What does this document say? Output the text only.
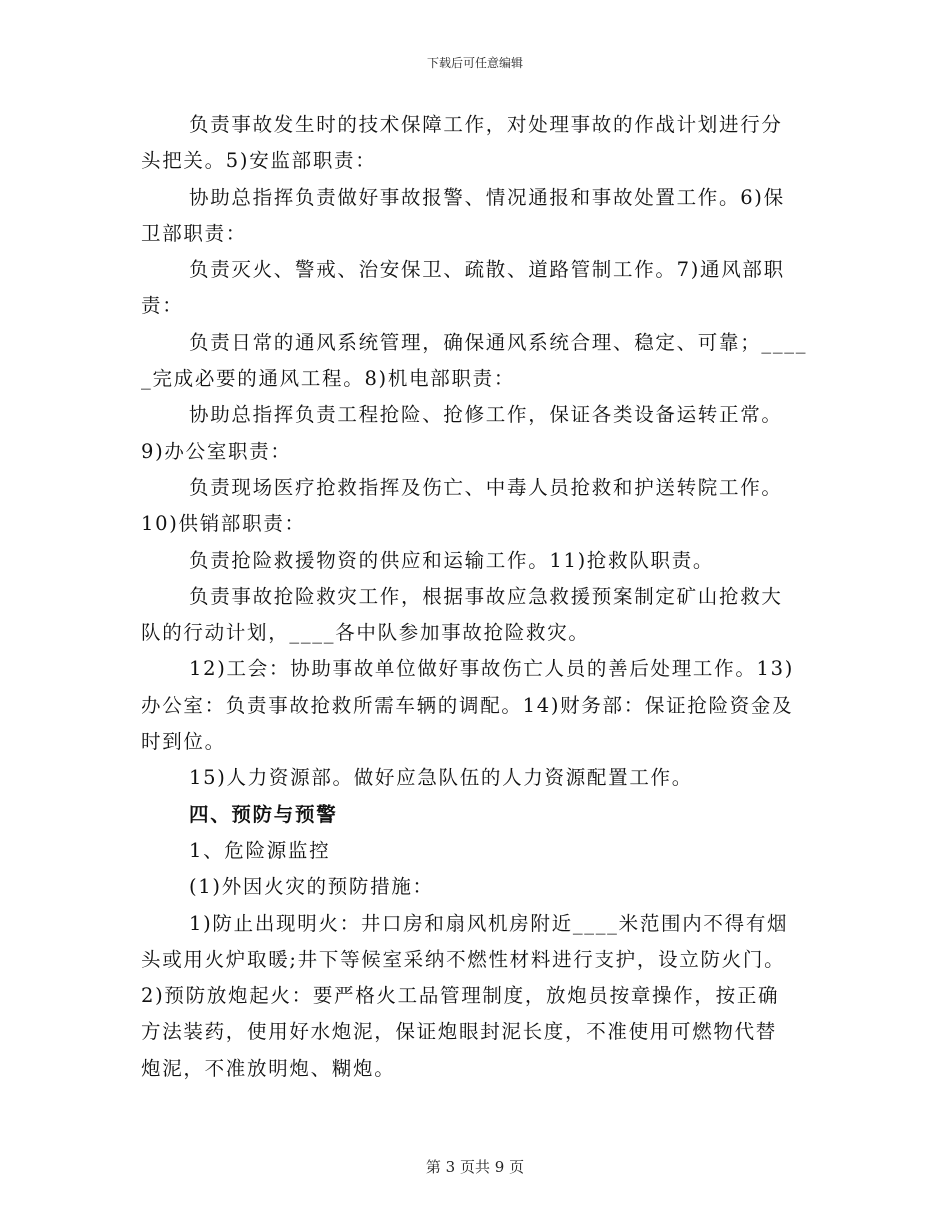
下载后可任意编辑
负责事故发生时的技术保障工作，对处理事故的作战计划进行分
头把关。5)安监部职责：
协助总指挥负责做好事故报警、情况通报和事故处置工作。6)保
卫部职责：
负责灭火、警戒、治安保卫、疏散、道路管制工作。7)通风部职
责：
负责日常的通风系统管理，确保通风系统合理、稳定、可靠；____
_完成必要的通风工程。8)机电部职责：
协助总指挥负责工程抢险、抢修工作，保证各类设备运转正常。
9)办公室职责：
负责现场医疗抢救指挥及伤亡、中毒人员抢救和护送转院工作。
10)供销部职责：
负责抢险救援物资的供应和运输工作。11)抢救队职责。
负责事故抢险救灾工作，根据事故应急救援预案制定矿山抢救大
队的行动计划，____各中队参加事故抢险救灾。
12)工会：协助事故单位做好事故伤亡人员的善后处理工作。13)
办公室：负责事故抢救所需车辆的调配。14)财务部：保证抢险资金及
时到位。
15)人力资源部。做好应急队伍的人力资源配置工作。
四、预防与预警
1、危险源监控
(1)外因火灾的预防措施：
1)防止出现明火：井口房和扇风机房附近____米范围内不得有烟
头或用火炉取暖;井下等候室采纳不燃性材料进行支护，设立防火门。
2)预防放炮起火：要严格火工品管理制度，放炮员按章操作，按正确
方法装药，使用好水炮泥，保证炮眼封泥长度，不准使用可燃物代替
炮泥，不准放明炮、糊炮。
第 3 页共 9 页
